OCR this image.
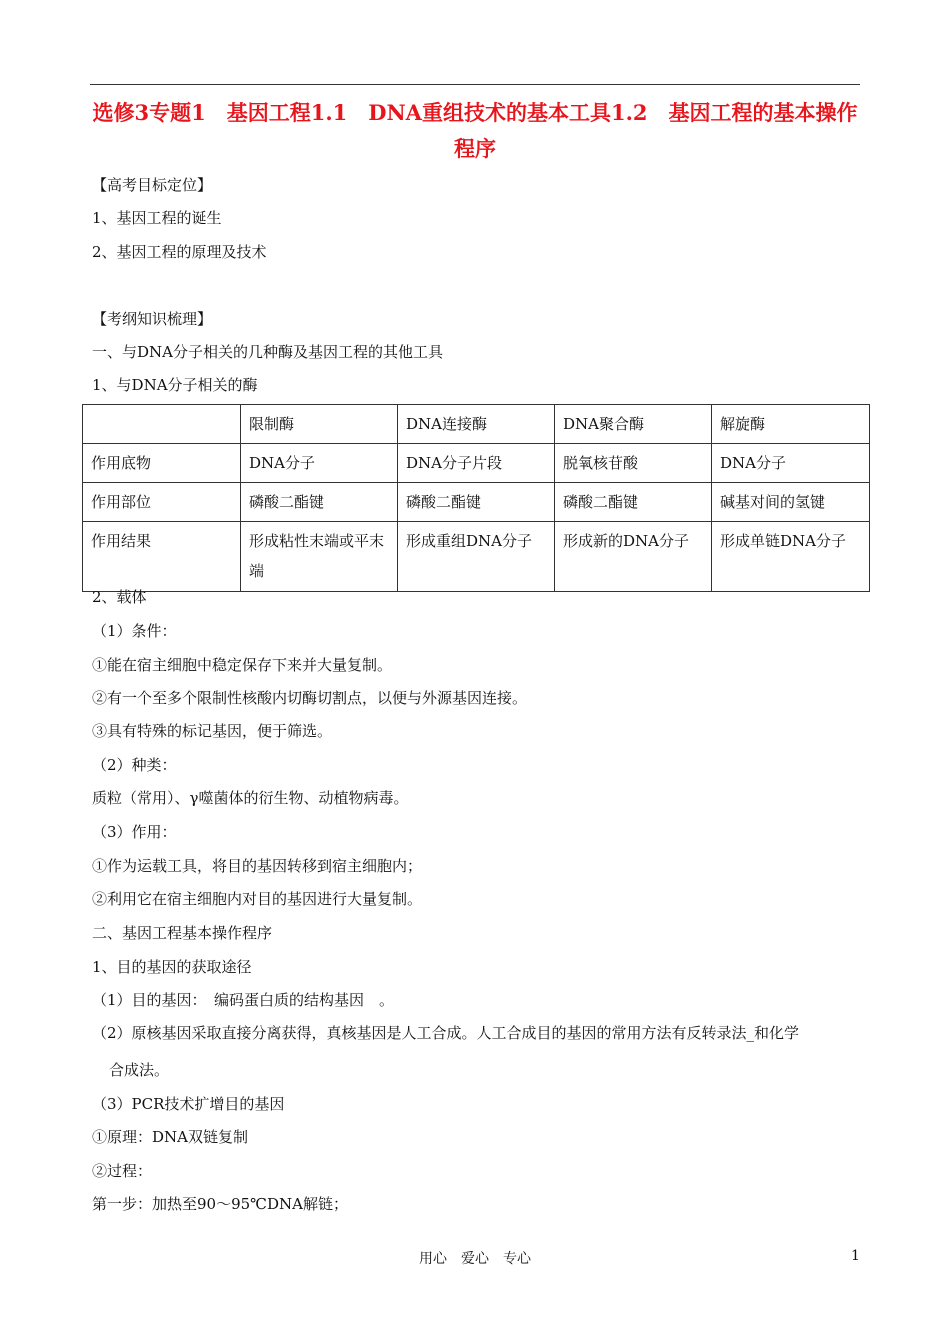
选修3专题1　基因工程1.1　DNA重组技术的基本工具1.2　基因工程的基本操作程序
【高考目标定位】
1、基因工程的诞生
2、基因工程的原理及技术
【考纲知识梳理】
一、与DNA分子相关的几种酶及基因工程的其他工具
1、与DNA分子相关的酶
	限制酶	DNA连接酶	DNA聚合酶	解旋酶
作用底物	DNA分子	DNA分子片段	脱氧核苷酸	DNA分子
作用部位	磷酸二酯键	磷酸二酯键	磷酸二酯键	碱基对间的氢键
作用结果	形成粘性末端或平末端	形成重组DNA分子	形成新的DNA分子	形成单链DNA分子
2、载体
（1）条件：
①能在宿主细胞中稳定保存下来并大量复制。
②有一个至多个限制性核酸内切酶切割点，以便与外源基因连接。
③具有特殊的标记基因，便于筛选。
（2）种类：
质粒（常用）、γ噬菌体的衍生物、动植物病毒。
（3）作用：
①作为运载工具，将目的基因转移到宿主细胞内；
②利用它在宿主细胞内对目的基因进行大量复制。
二、基因工程基本操作程序
1、目的基因的获取途径
（1）目的基因：　编码蛋白质的结构基因　。
（2）原核基因采取直接分离获得，真核基因是人工合成。人工合成目的基因的常用方法有反转录法_和化学
合成法。
（3）PCR技术扩增目的基因
①原理：DNA双链复制
②过程：
第一步：加热至90～95℃DNA解链；
用心　爱心　专心	1
